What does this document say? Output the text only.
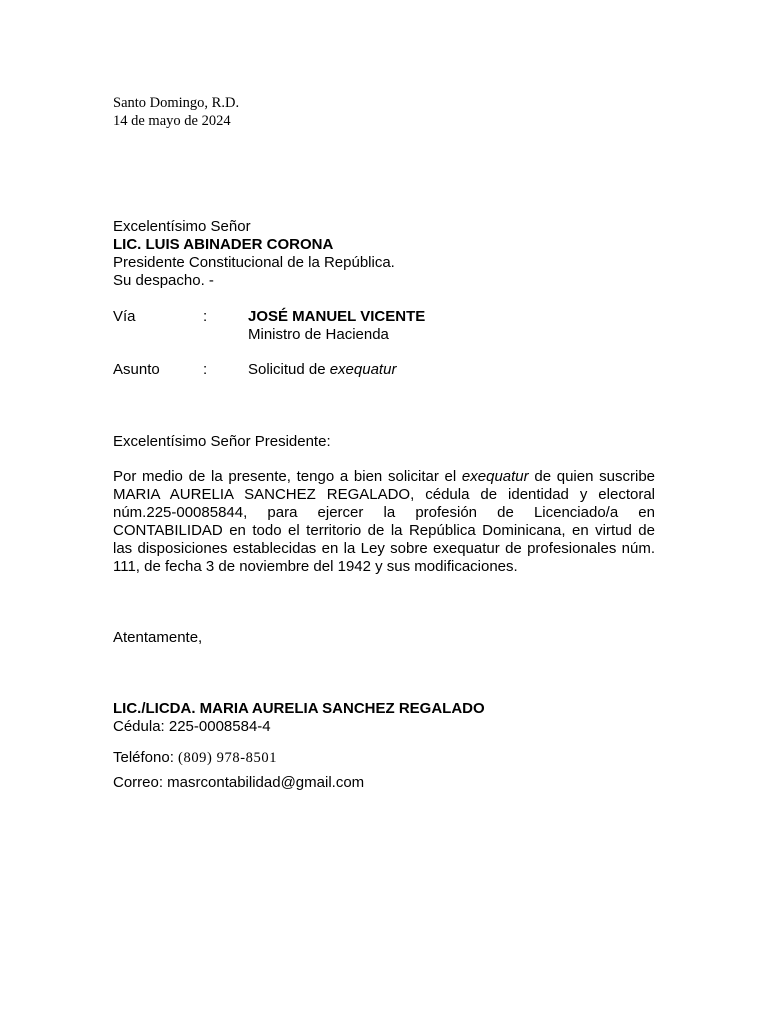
Santo Domingo, R.D.
14 de mayo de 2024
Excelentísimo Señor
LIC. LUIS ABINADER CORONA
Presidente Constitucional de la República.
Su despacho. -
Vía	:	JOSÉ MANUEL VICENTE
Ministro de Hacienda
Asunto	:	Solicitud de exequatur
Excelentísimo Señor Presidente:
Por medio de la presente, tengo a bien solicitar el exequatur de quien suscribe
MARIA AURELIA SANCHEZ REGALADO, cédula de identidad y electoral
núm.225-00085844, para ejercer la profesión de Licenciado/a en
CONTABILIDAD en todo el territorio de la República Dominicana, en virtud de
las disposiciones establecidas en la Ley sobre exequatur de profesionales núm.
111, de fecha 3 de noviembre del 1942 y sus modificaciones.
Atentamente,
LIC./LICDA. MARIA AURELIA SANCHEZ REGALADO
Cédula: 225-0008584-4
Teléfono: (809) 978-8501
Correo: masrcontabilidad@gmail.com
